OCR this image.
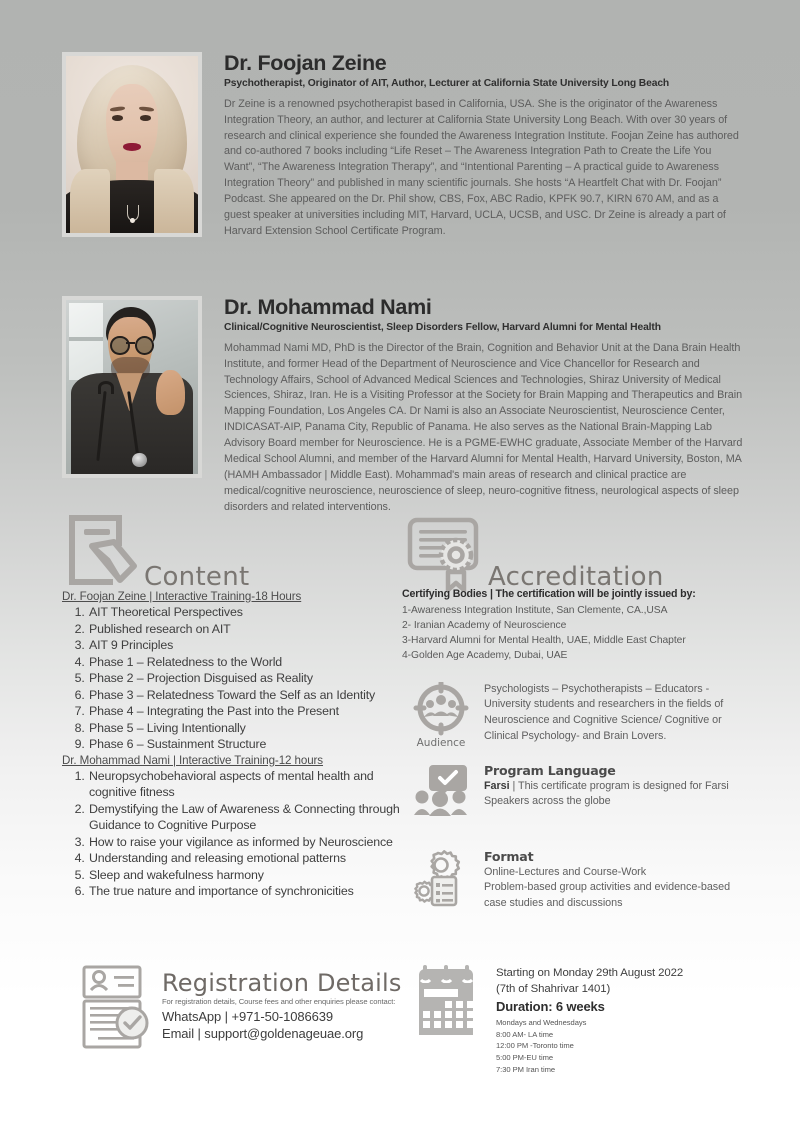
Dr. Foojan Zeine
Psychotherapist, Originator of AIT, Author, Lecturer at California State University Long Beach

Dr Zeine is a renowned psychotherapist based in California, USA. She is the originator of the Awareness Integration Theory, an author, and lecturer at California State University Long Beach. With over 30 years of research and clinical experience she founded the Awareness Integration Institute. Foojan Zeine has authored and co-authored 7 books including “Life Reset – The Awareness Integration Path to Create the Life You Want”, “The Awareness Integration Therapy”, and “Intentional Parenting – A practical guide to Awareness Integration Theory” and published in many scientific journals. She hosts “A Heartfelt Chat with Dr. Foojan” Podcast. She appeared on the Dr. Phil show, CBS, Fox, ABC Radio, KPFK 90.7, KIRN 670 AM, and as a guest speaker at universities including MIT, Harvard, UCLA, UCSB, and USC. Dr Zeine is already a part of Harvard Extension School Certificate Program.

Dr. Mohammad Nami
Clinical/Cognitive Neuroscientist, Sleep Disorders Fellow, Harvard Alumni for Mental Health

Mohammad Nami MD, PhD is the Director of the Brain, Cognition and Behavior Unit at the Dana Brain Health Institute, and former Head of the Department of Neuroscience and Vice Chancellor for Research and Technology Affairs, School of Advanced Medical Sciences and Technologies, Shiraz University of Medical Sciences, Shiraz, Iran. He is a Visiting Professor at the Society for Brain Mapping and Therapeutics and Brain Mapping Foundation, Los Angeles CA. Dr Nami is also an Associate Neuroscientist, Neuroscience Center, INDICASAT-AIP, Panama City, Republic of Panama. He also serves as the National Brain-Mapping Lab Advisory Board member for Neuroscience. He is a PGME-EWHC graduate, Associate Member of the Harvard Medical School Alumni, and member of the Harvard Alumni for Mental Health, Harvard University, Boston, MA (HAMH Ambassador | Middle East). Mohammad's main areas of research and clinical practice are medical/cognitive neuroscience, neuroscience of sleep, neuro-cognitive fitness, neurological aspects of sleep disorders and related interventions.

Content
Dr. Foojan Zeine | Interactive Training-18 Hours
1. AIT Theoretical Perspectives
2. Published research on AIT
3. AIT 9 Principles
4. Phase 1 – Relatedness to the World
5. Phase 2 – Projection Disguised as Reality
6. Phase 3 – Relatedness Toward the Self as an Identity
7. Phase 4 – Integrating the Past into the Present
8. Phase 5 – Living Intentionally
9. Phase 6 – Sustainment Structure
Dr. Mohammad Nami | Interactive Training-12 hours
1. Neuropsychobehavioral aspects of mental health and cognitive fitness
2. Demystifying the Law of Awareness & Connecting through Guidance to Cognitive Purpose
3. How to raise your vigilance as informed by Neuroscience
4. Understanding and releasing emotional patterns
5. Sleep and wakefulness harmony
6. The true nature and importance of synchronicities
Accreditation
Certifying Bodies | The certification will be jointly issued by:
1-Awareness Integration Institute, San Clemente, CA.,USA
2- Iranian Academy of Neuroscience
3-Harvard Alumni for Mental Health, UAE, Middle East Chapter
4-Golden Age Academy, Dubai, UAE
Audience
Psychologists – Psychotherapists – Educators - University students and researchers in the fields of Neuroscience and Cognitive Science/ Cognitive or Clinical Psychology- and Brain Lovers.
Program Language
Farsi | This certificate program is designed for Farsi Speakers across the globe
Format
Online-Lectures and Course-Work
Problem-based group activities and evidence-based
case studies and discussions
Registration Details
For registration details, Course fees and other enquiries please contact:
WhatsApp | +971-50-1086639
Email | support@goldenageuae.org
Starting on Monday 29th August 2022
(7th of Shahrivar 1401)
Duration: 6 weeks
Mondays and Wednesdays
8:00 AM- LA time
12:00 PM -Toronto time
5:00 PM-EU time
7:30 PM Iran time
